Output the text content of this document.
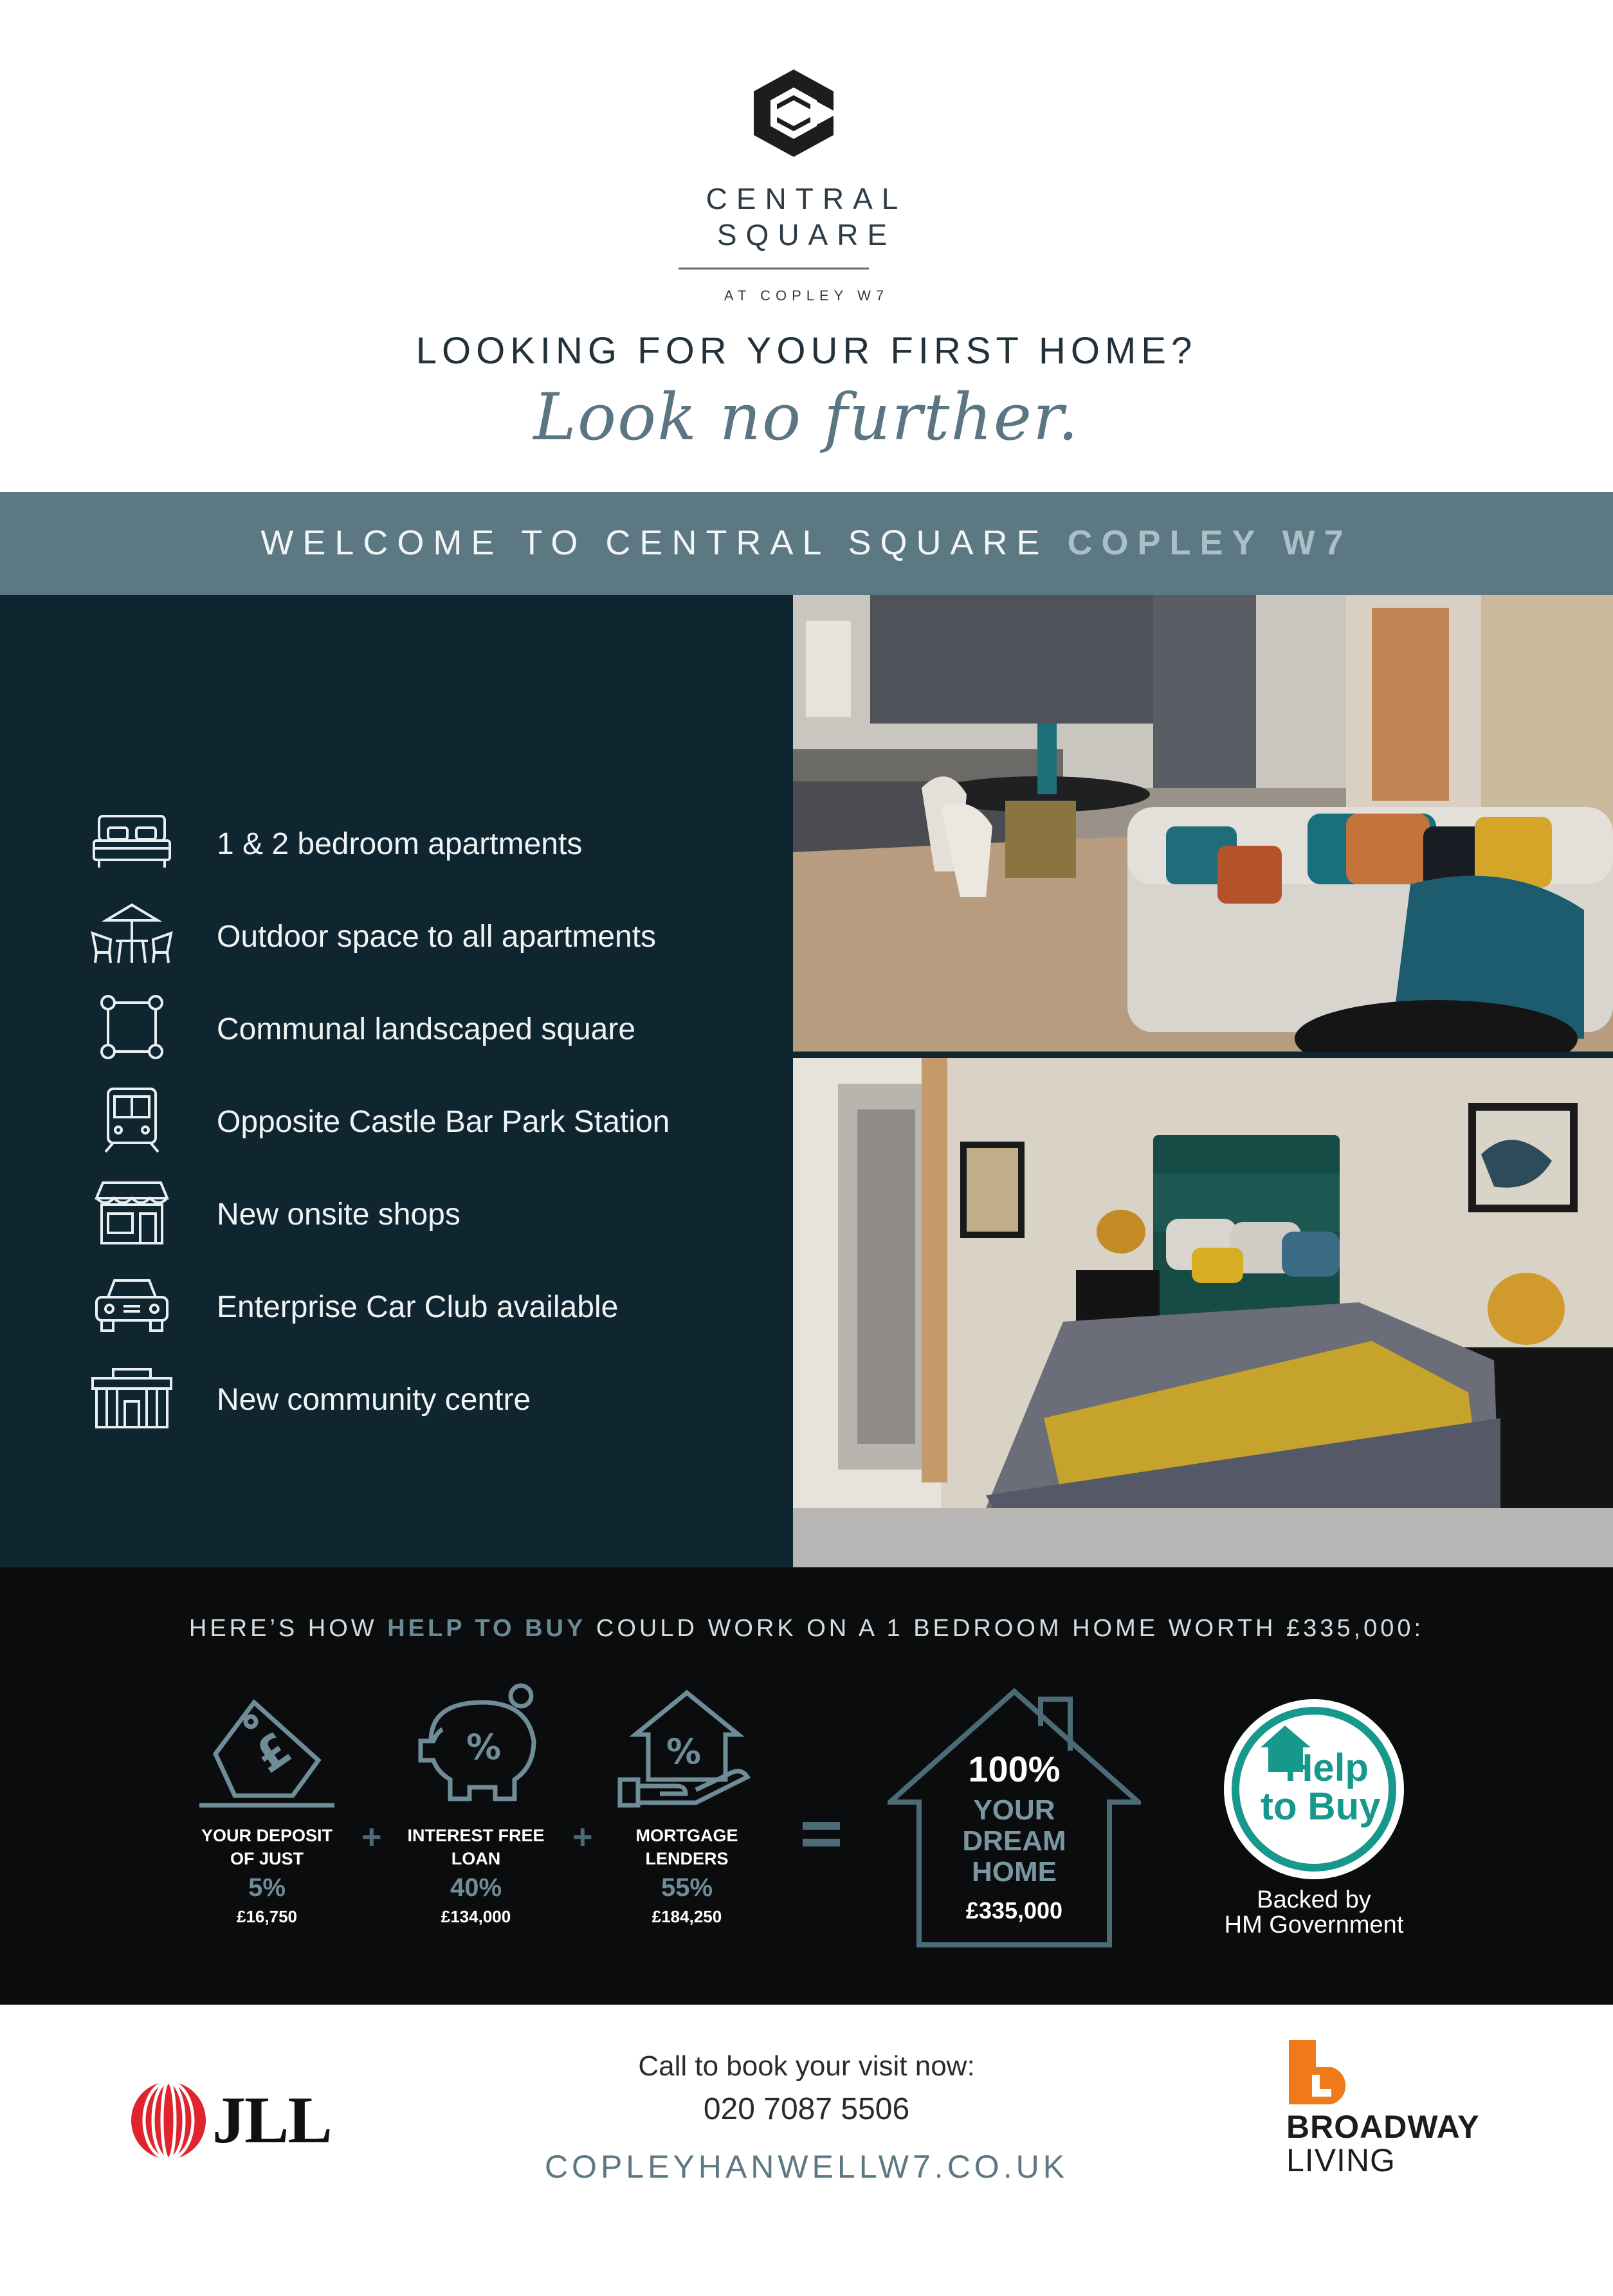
CENTRAL
SQUARE
AT COPLEY W7
LOOKING FOR YOUR FIRST HOME?
Look no further.
WELCOME TO CENTRAL SQUARE COPLEY W7
1 & 2 bedroom apartments
Outdoor space to all apartments
Communal landscaped square
Opposite Castle Bar Park Station
New onsite shops
Enterprise Car Club available
New community centre
HERE’S HOW HELP TO BUY COULD WORK ON A 1 BEDROOM HOME WORTH £335,000:
£
YOUR DEPOSIT
OF JUST
5%
£16,750
+
%
INTEREST FREE
LOAN
40%
£134,000
+
%
MORTGAGE
LENDERS
55%
£184,250
100%
YOUR
DREAM
HOME
£335,000
Help
to Buy
Backed by
HM Government
JLL
Call to book your visit now:
020 7087 5506
COPLEYHANWELLW7.CO.UK
BROADWAY
LIVING
